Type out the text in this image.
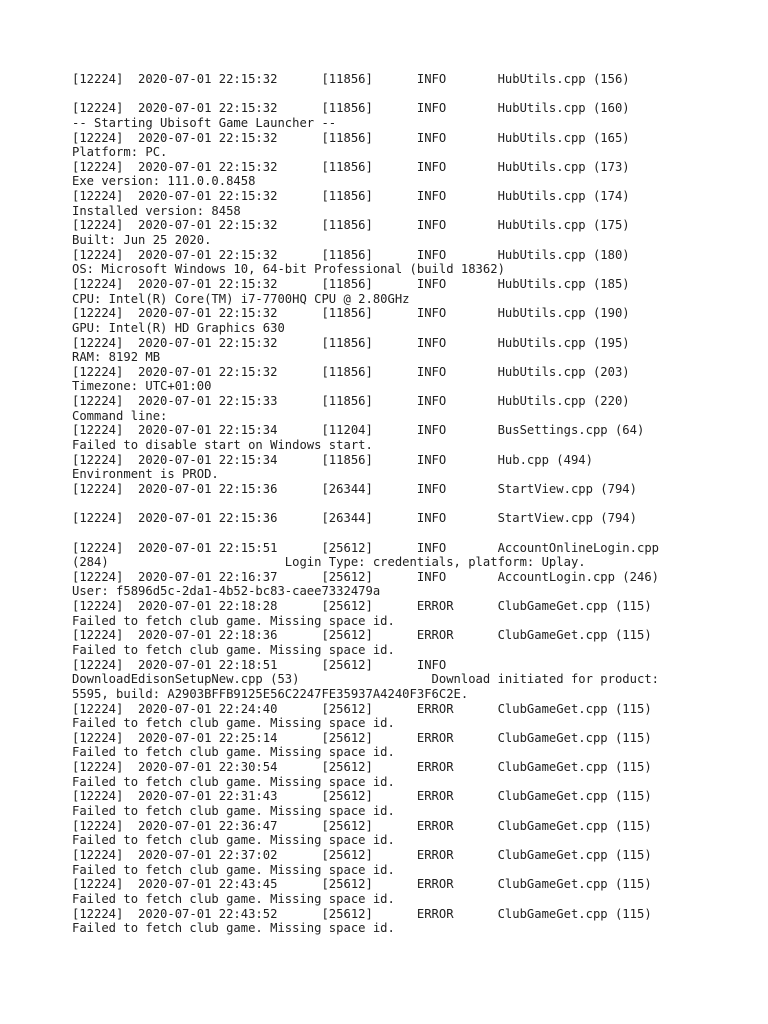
[12224]  2020-07-01 22:15:32      [11856]      INFO       HubUtils.cpp (156)
[12224]  2020-07-01 22:15:32      [11856]      INFO       HubUtils.cpp (160)
-- Starting Ubisoft Game Launcher --
[12224]  2020-07-01 22:15:32      [11856]      INFO       HubUtils.cpp (165)
Platform: PC.
[12224]  2020-07-01 22:15:32      [11856]      INFO       HubUtils.cpp (173)
Exe version: 111.0.0.8458
[12224]  2020-07-01 22:15:32      [11856]      INFO       HubUtils.cpp (174)
Installed version: 8458
[12224]  2020-07-01 22:15:32      [11856]      INFO       HubUtils.cpp (175)
Built: Jun 25 2020.
[12224]  2020-07-01 22:15:32      [11856]      INFO       HubUtils.cpp (180)
OS: Microsoft Windows 10, 64-bit Professional (build 18362)
[12224]  2020-07-01 22:15:32      [11856]      INFO       HubUtils.cpp (185)
CPU: Intel(R) Core(TM) i7-7700HQ CPU @ 2.80GHz
[12224]  2020-07-01 22:15:32      [11856]      INFO       HubUtils.cpp (190)
GPU: Intel(R) HD Graphics 630
[12224]  2020-07-01 22:15:32      [11856]      INFO       HubUtils.cpp (195)
RAM: 8192 MB
[12224]  2020-07-01 22:15:32      [11856]      INFO       HubUtils.cpp (203)
Timezone: UTC+01:00
[12224]  2020-07-01 22:15:33      [11856]      INFO       HubUtils.cpp (220)
Command line:
[12224]  2020-07-01 22:15:34      [11204]      INFO       BusSettings.cpp (64)
Failed to disable start on Windows start.
[12224]  2020-07-01 22:15:34      [11856]      INFO       Hub.cpp (494)
Environment is PROD.
[12224]  2020-07-01 22:15:36      [26344]      INFO       StartView.cpp (794)
[12224]  2020-07-01 22:15:36      [26344]      INFO       StartView.cpp (794)
[12224]  2020-07-01 22:15:51      [25612]      INFO       AccountOnlineLogin.cpp
(284)                        Login Type: credentials, platform: Uplay.
[12224]  2020-07-01 22:16:37      [25612]      INFO       AccountLogin.cpp (246)
User: f5896d5c-2da1-4b52-bc83-caee7332479a
[12224]  2020-07-01 22:18:28      [25612]      ERROR      ClubGameGet.cpp (115)
Failed to fetch club game. Missing space id.
[12224]  2020-07-01 22:18:36      [25612]      ERROR      ClubGameGet.cpp (115)
Failed to fetch club game. Missing space id.
[12224]  2020-07-01 22:18:51      [25612]      INFO
DownloadEdisonSetupNew.cpp (53)                  Download initiated for product:
5595, build: A2903BFFB9125E56C2247FE35937A4240F3F6C2E.
[12224]  2020-07-01 22:24:40      [25612]      ERROR      ClubGameGet.cpp (115)
Failed to fetch club game. Missing space id.
[12224]  2020-07-01 22:25:14      [25612]      ERROR      ClubGameGet.cpp (115)
Failed to fetch club game. Missing space id.
[12224]  2020-07-01 22:30:54      [25612]      ERROR      ClubGameGet.cpp (115)
Failed to fetch club game. Missing space id.
[12224]  2020-07-01 22:31:43      [25612]      ERROR      ClubGameGet.cpp (115)
Failed to fetch club game. Missing space id.
[12224]  2020-07-01 22:36:47      [25612]      ERROR      ClubGameGet.cpp (115)
Failed to fetch club game. Missing space id.
[12224]  2020-07-01 22:37:02      [25612]      ERROR      ClubGameGet.cpp (115)
Failed to fetch club game. Missing space id.
[12224]  2020-07-01 22:43:45      [25612]      ERROR      ClubGameGet.cpp (115)
Failed to fetch club game. Missing space id.
[12224]  2020-07-01 22:43:52      [25612]      ERROR      ClubGameGet.cpp (115)
Failed to fetch club game. Missing space id.
